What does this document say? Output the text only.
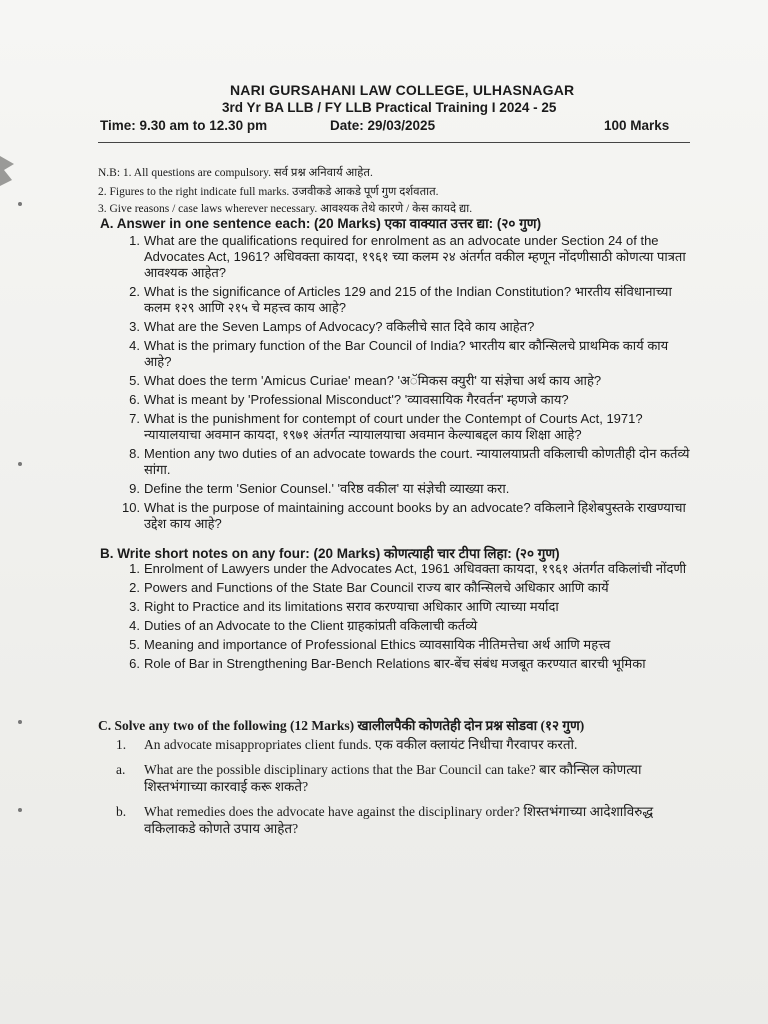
NARI GURSAHANI LAW COLLEGE, ULHASNAGAR
3rd Yr BA LLB / FY LLB Practical Training I 2024 - 25
Time: 9.30 am to 12.30 pm	Date: 29/03/2025	100 Marks
N.B: 1. All questions are compulsory. सर्व प्रश्न अनिवार्य आहेत.
2. Figures to the right indicate full marks. उजवीकडे आकडे पूर्ण गुण दर्शवतात.
3. Give reasons / case laws wherever necessary. आवश्यक तेथे कारणे / केस कायदे द्या.
A. Answer in one sentence each: (20 Marks) एका वाक्यात उत्तर द्या: (२० गुण)
1. What are the qualifications required for enrolment as an advocate under Section 24 of the Advocates Act, 1961? अधिवक्ता कायदा, १९६१ च्या कलम २४ अंतर्गत वकील म्हणून नोंदणीसाठी कोणत्या पात्रता आवश्यक आहेत?
2. What is the significance of Articles 129 and 215 of the Indian Constitution? भारतीय संविधानाच्या कलम १२९ आणि २१५ चे महत्त्व काय आहे?
3. What are the Seven Lamps of Advocacy? वकिलीचे सात दिवे काय आहेत?
4. What is the primary function of the Bar Council of India? भारतीय बार कौन्सिलचे प्राथमिक कार्य काय आहे?
5. What does the term 'Amicus Curiae' mean? 'अॅमिकस क्युरी' या संज्ञेचा अर्थ काय आहे?
6. What is meant by 'Professional Misconduct'? 'व्यावसायिक गैरवर्तन' म्हणजे काय?
7. What is the punishment for contempt of court under the Contempt of Courts Act, 1971? न्यायालयाचा अवमान कायदा, १९७१ अंतर्गत न्यायालयाचा अवमान केल्याबद्दल काय शिक्षा आहे?
8. Mention any two duties of an advocate towards the court. न्यायालयाप्रती वकिलाची कोणतीही दोन कर्तव्ये सांगा.
9. Define the term 'Senior Counsel.' 'वरिष्ठ वकील' या संज्ञेची व्याख्या करा.
10. What is the purpose of maintaining account books by an advocate? वकिलाने हिशेबपुस्तके राखण्याचा उद्देश काय आहे?
B. Write short notes on any four: (20 Marks) कोणत्याही चार टीपा लिहा: (२० गुण)
1. Enrolment of Lawyers under the Advocates Act, 1961 अधिवक्ता कायदा, १९६१ अंतर्गत वकिलांची नोंदणी
2. Powers and Functions of the State Bar Council राज्य बार कौन्सिलचे अधिकार आणि कार्ये
3. Right to Practice and its limitations सराव करण्याचा अधिकार आणि त्याच्या मर्यादा
4. Duties of an Advocate to the Client ग्राहकांप्रती वकिलाची कर्तव्ये
5. Meaning and importance of Professional Ethics व्यावसायिक नीतिमत्तेचा अर्थ आणि महत्त्व
6. Role of Bar in Strengthening Bar-Bench Relations बार-बेंच संबंध मजबूत करण्यात बारची भूमिका
C. Solve any two of the following (12 Marks) खालीलपैकी कोणतेही दोन प्रश्न सोडवा (१२ गुण)
1. An advocate misappropriates client funds. एक वकील क्लायंट निधीचा गैरवापर करतो.
a.	What are the possible disciplinary actions that the Bar Council can take? बार कौन्सिल कोणत्या शिस्तभंगाच्या कारवाई करू शकते?
b. What remedies does the advocate have against the disciplinary order? शिस्तभंगाच्या आदेशाविरुद्ध वकिलाकडे कोणते उपाय आहेत?
